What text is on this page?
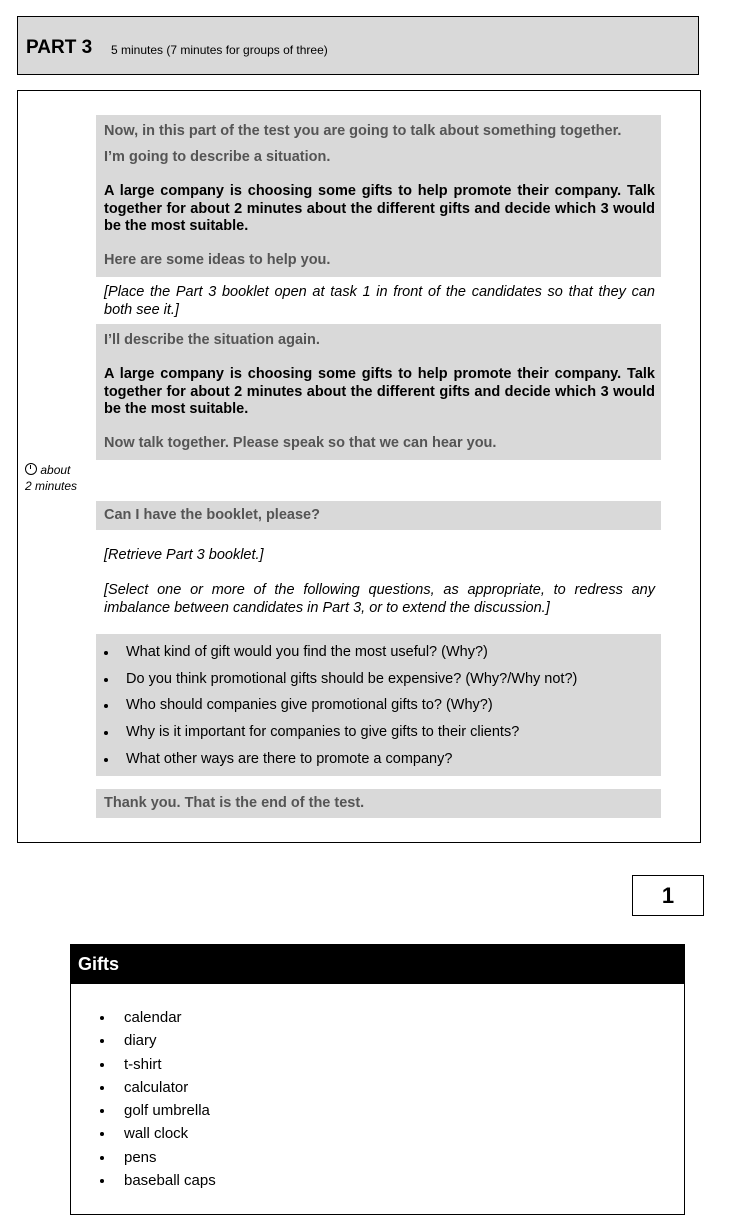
PART 3 5 minutes (7 minutes for groups of three)
Now, in this part of the test you are going to talk about something together.
I’m going to describe a situation.
A large company is choosing some gifts to help promote their company. Talk together for about 2 minutes about the different gifts and decide which 3 would be the most suitable.
Here are some ideas to help you.
[Place the Part 3 booklet open at task 1 in front of the candidates so that they can both see it.]
I’ll describe the situation again.
A large company is choosing some gifts to help promote their company. Talk together for about 2 minutes about the different gifts and decide which 3 would be the most suitable.
Now talk together. Please speak so that we can hear you.
about
2 minutes
Can I have the booklet, please?
[Retrieve Part 3 booklet.]
[Select one or more of the following questions, as appropriate, to redress any imbalance between candidates in Part 3, or to extend the discussion.]
What kind of gift would you find the most useful? (Why?)
Do you think promotional gifts should be expensive? (Why?/Why not?)
Who should companies give promotional gifts to? (Why?)
Why is it important for companies to give gifts to their clients?
What other ways are there to promote a company?
Thank you. That is the end of the test.
1
Gifts
calendar
diary
t-shirt
calculator
golf umbrella
wall clock
pens
baseball caps
